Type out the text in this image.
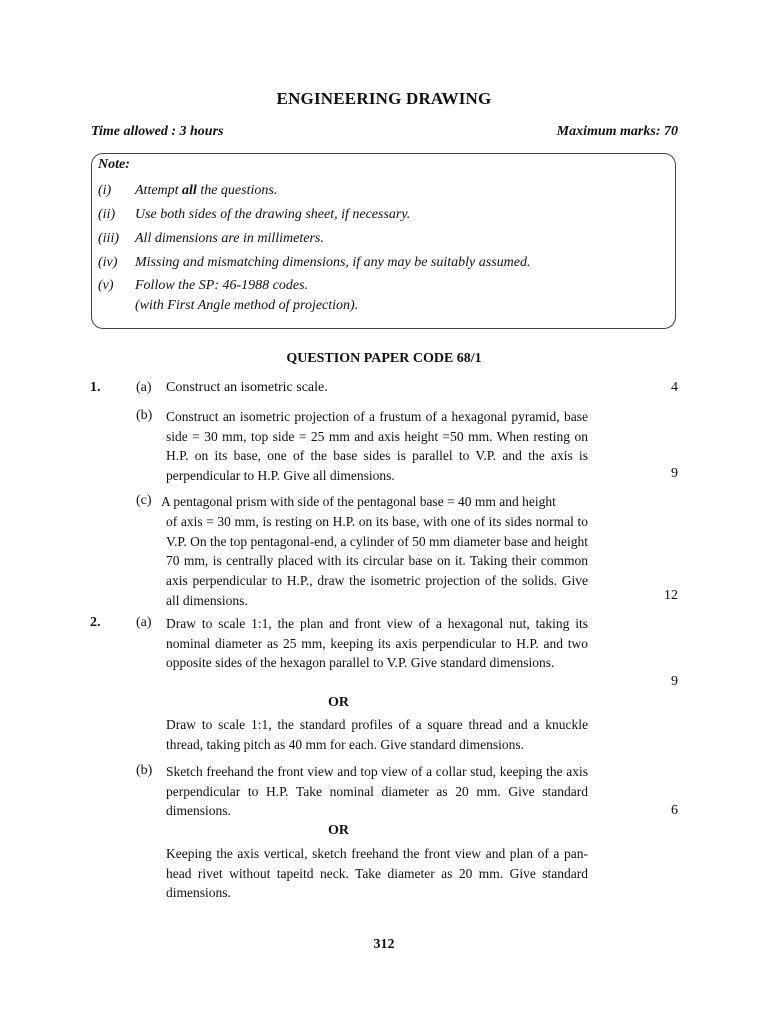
ENGINEERING DRAWING
Time allowed : 3 hours	Maximum marks: 70
Note:
(i) Attempt all the questions.
(ii) Use both sides of the drawing sheet, if necessary.
(iii) All dimensions are in millimeters.
(iv) Missing and mismatching dimensions, if any may be suitably assumed.
(v) Follow the SP: 46-1988 codes.
(with First Angle method of projection).
QUESTION PAPER CODE 68/1
1.	(a) Construct an isometric scale.	4
(b) Construct an isometric projection of a frustum of a hexagonal pyramid, base side = 30 mm, top side = 25 mm and axis height =50 mm. When resting on H.P. on its base, one of the base sides is parallel to V.P. and the axis is perpendicular to H.P. Give all dimensions.	9
(c) A pentagonal prism with side of the pentagonal base = 40 mm and height
of axis = 30 mm, is resting on H.P. on its base, with one of its sides normal to V.P. On the top pentagonal-end, a cylinder of 50 mm diameter base and height 70 mm, is centrally placed with its circular base on it. Taking their common axis perpendicular to H.P., draw the isometric projection of the solids. Give all dimensions.	12
2.	(a) Draw to scale 1:1, the plan and front view of a hexagonal nut, taking its nominal diameter as 25 mm, keeping its axis perpendicular to H.P. and two opposite sides of the hexagon parallel to V.P. Give standard dimensions.
9
OR
Draw to scale 1:1, the standard profiles of a square thread and a knuckle thread, taking pitch as 40 mm for each. Give standard dimensions.
(b) Sketch freehand the front view and top view of a collar stud, keeping the axis perpendicular to H.P. Take nominal diameter as 20 mm. Give standard dimensions.	6
OR
Keeping the axis vertical, sketch freehand the front view and plan of a pan-head rivet without tapeitd neck. Take diameter as 20 mm. Give standard dimensions.
312
